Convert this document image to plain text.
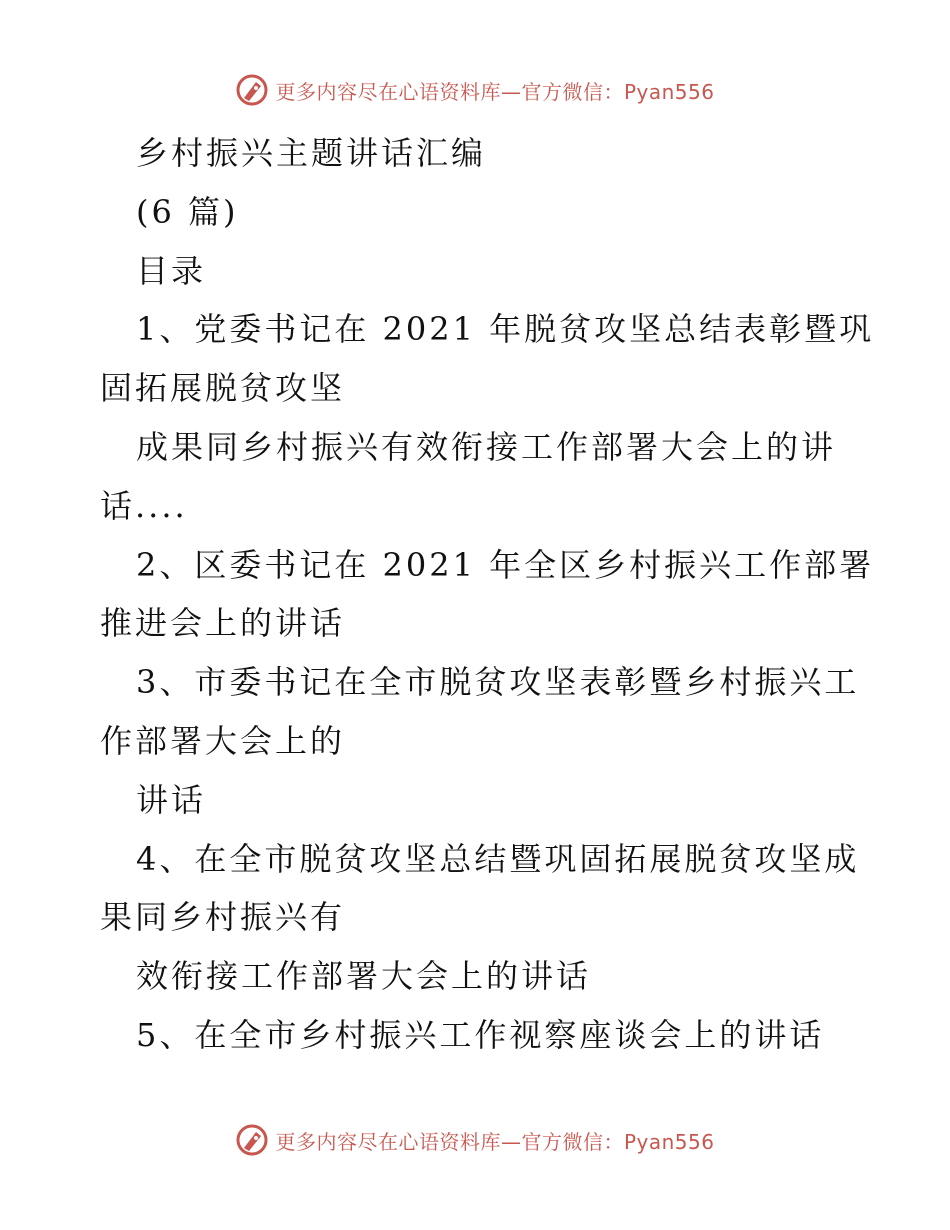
更多内容尽在心语资料库—官方微信：Pyan556
乡村振兴主题讲话汇编
(6 篇)
目录
1、党委书记在 2021 年脱贫攻坚总结表彰暨巩
固拓展脱贫攻坚
成果同乡村振兴有效衔接工作部署大会上的讲
话....
2、区委书记在 2021 年全区乡村振兴工作部署
推进会上的讲话
3、市委书记在全市脱贫攻坚表彰暨乡村振兴工
作部署大会上的
讲话
4、在全市脱贫攻坚总结暨巩固拓展脱贫攻坚成
果同乡村振兴有
效衔接工作部署大会上的讲话
5、在全市乡村振兴工作视察座谈会上的讲话
更多内容尽在心语资料库—官方微信：Pyan556
